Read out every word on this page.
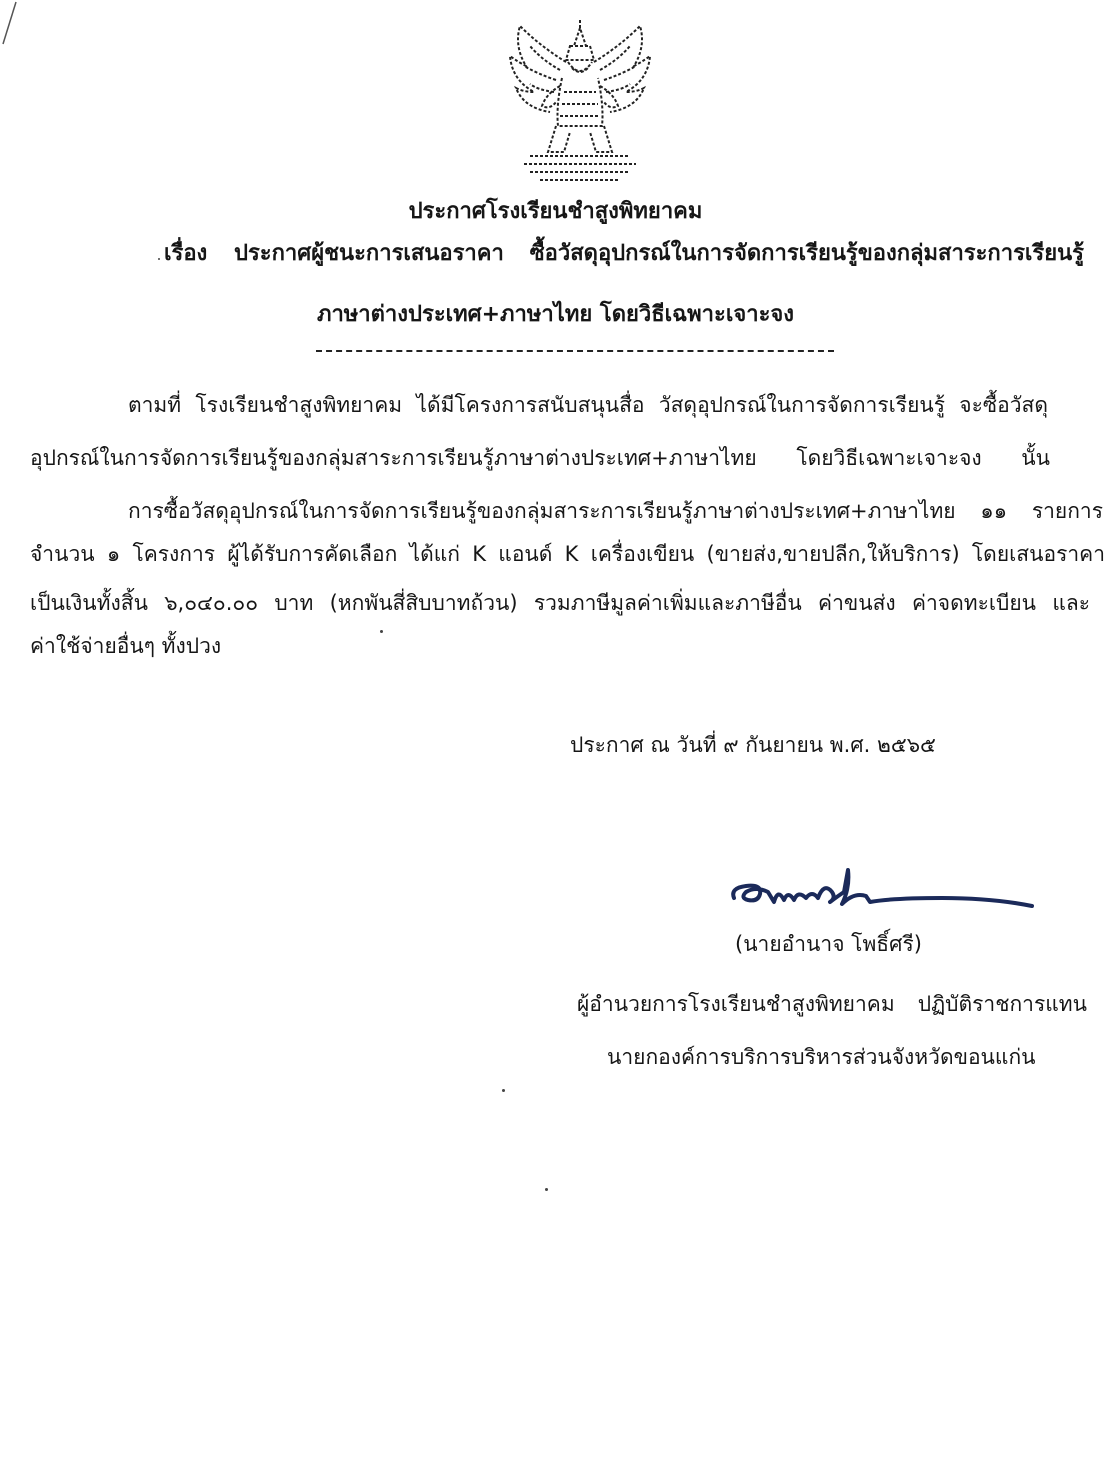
ประกาศโรงเรียนชำสูงพิทยาคม
เรื่อง ประกาศผู้ชนะการเสนอราคา ซื้อวัสดุอุปกรณ์ในการจัดการเรียนรู้ของกลุ่มสาระการเรียนรู้
ภาษาต่างประเทศ+ภาษาไทย โดยวิธีเฉพาะเจาะจง
ตามที่ โรงเรียนชำสูงพิทยาคม ได้มีโครงการสนับสนุนสื่อ วัสดุอุปกรณ์ในการจัดการเรียนรู้ จะซื้อวัสดุ
อุปกรณ์ในการจัดการเรียนรู้ของกลุ่มสาระการเรียนรู้ภาษาต่างประเทศ+ภาษาไทย โดยวิธีเฉพาะเจาะจง นั้น
การซื้อวัสดุอุปกรณ์ในการจัดการเรียนรู้ของกลุ่มสาระการเรียนรู้ภาษาต่างประเทศ+ภาษาไทย ๑๑ รายการ
จำนวน ๑ โครงการ ผู้ได้รับการคัดเลือก ได้แก่ K แอนด์ K เครื่องเขียน (ขายส่ง,ขายปลีก,ให้บริการ) โดยเสนอราคา
เป็นเงินทั้งสิ้น ๖,๐๔๐.๐๐ บาท (หกพันสี่สิบบาทถ้วน) รวมภาษีมูลค่าเพิ่มและภาษีอื่น ค่าขนส่ง ค่าจดทะเบียน และ
ค่าใช้จ่ายอื่นๆ ทั้งปวง
ประกาศ ณ วันที่ ๙ กันยายน พ.ศ. ๒๕๖๕
(นายอำนาจ โพธิ์ศรี)
ผู้อำนวยการโรงเรียนชำสูงพิทยาคม ปฏิบัติราชการแทน
นายกองค์การบริการบริหารส่วนจังหวัดขอนแก่น
